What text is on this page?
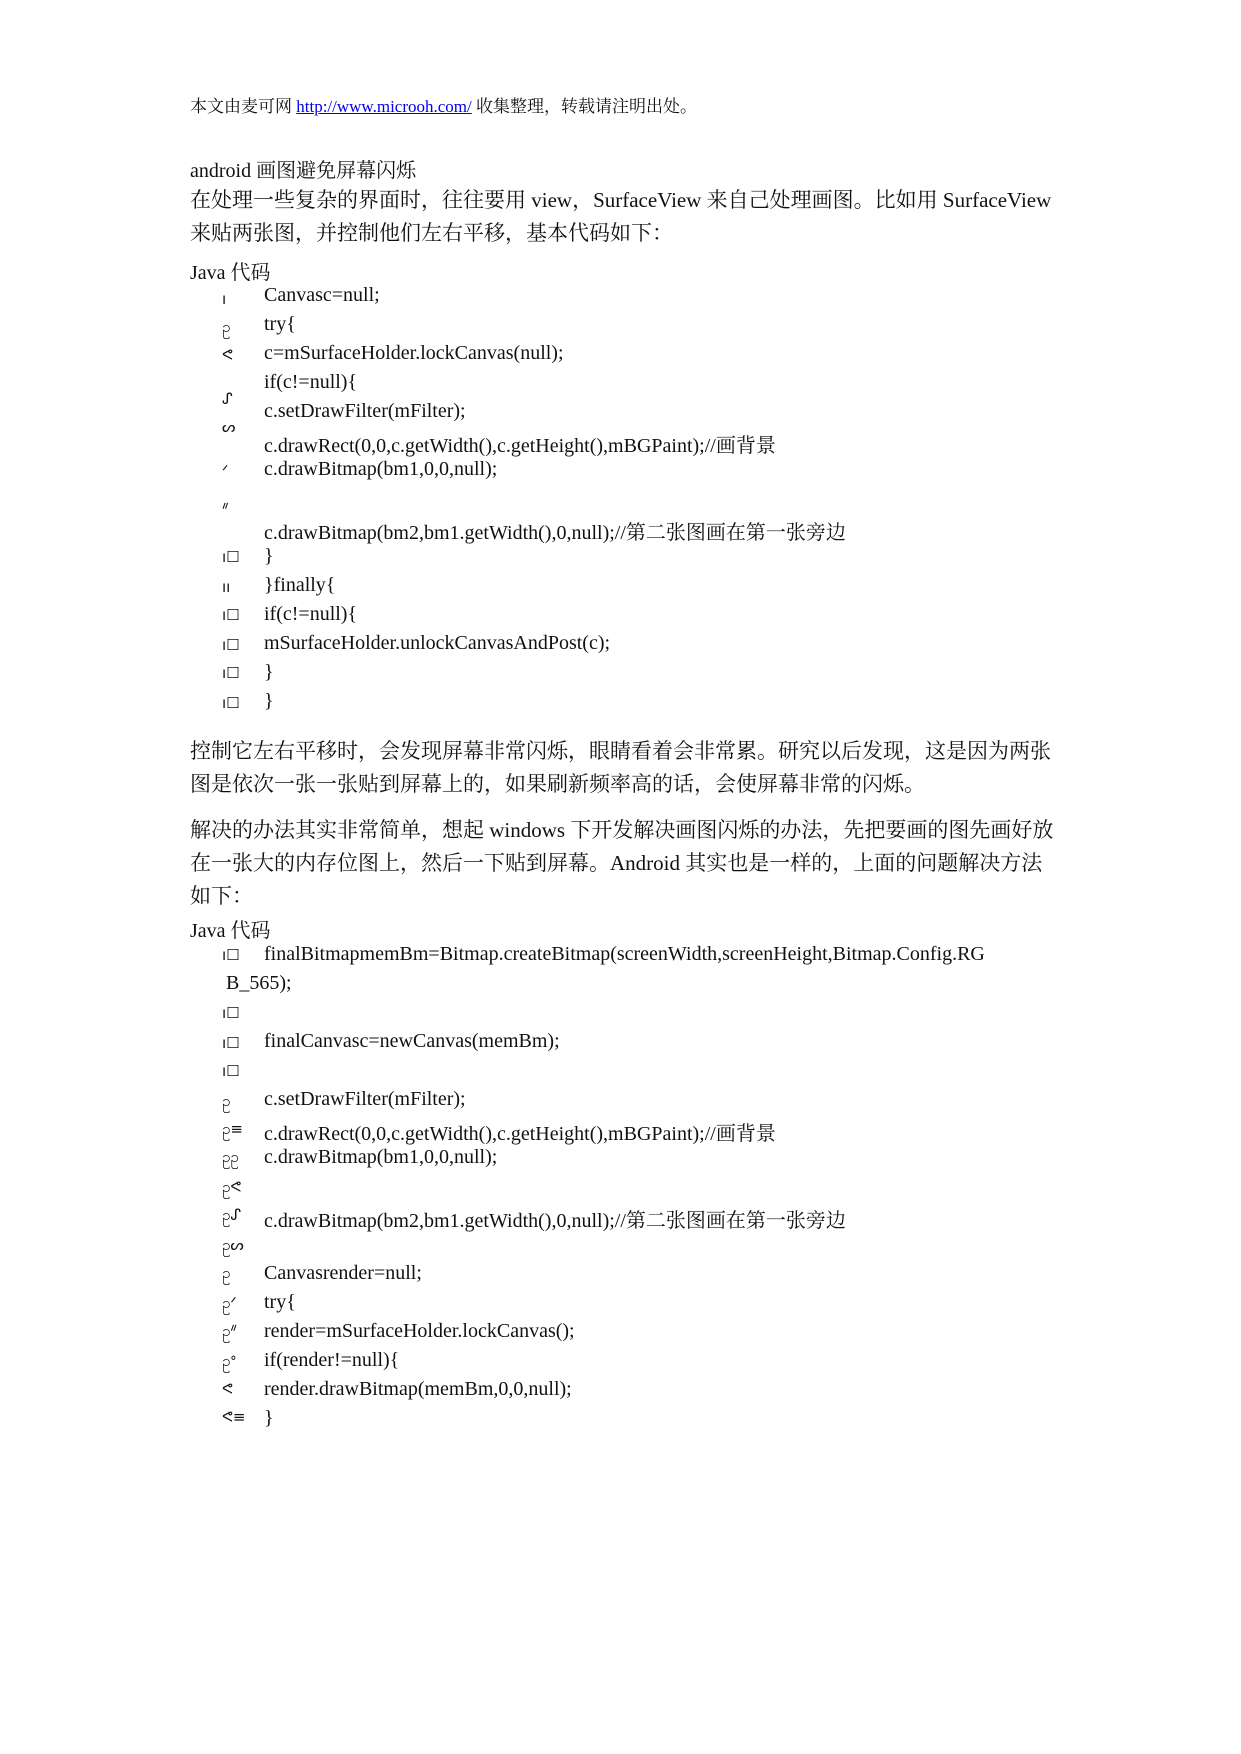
本文由麦可网 http://www.microoh.com/ 收集整理，转载请注明出处。
android 画图避免屏幕闪烁
在处理一些复杂的界面时，往往要用 view，SurfaceView 来自己处理画图。比如用 SurfaceView 来贴两张图，并控制他们左右平移，基本代码如下：
Java 代码
ı
ဥ
ᕙ
ᔑ
ᔕ
ᐟ
ᐥ
ı☐
ıı
ı☐
ı☐
ı☐
ı☐
Canvasc=null;
try{
c=mSurfaceHolder.lockCanvas(null);
if(c!=null){
c.setDrawFilter(mFilter);
c.drawRect(0,0,c.getWidth(),c.getHeight(),mBGPaint);//画背景
c.drawBitmap(bm1,0,0,null);
c.drawBitmap(bm2,bm1.getWidth(),0,null);//第二张图画在第一张旁边
}
}finally{
if(c!=null){
mSurfaceHolder.unlockCanvasAndPost(c);
}
}
控制它左右平移时，会发现屏幕非常闪烁，眼睛看着会非常累。研究以后发现，这是因为两张图是依次一张一张贴到屏幕上的，如果刷新频率高的话，会使屏幕非常的闪烁。
解决的办法其实非常简单，想起 windows 下开发解决画图闪烁的办法，先把要画的图先画好放在一张大的内存位图上，然后一下贴到屏幕。Android 其实也是一样的，上面的问题解决方法如下：
Java 代码
ı☐
ı☐
ı☐
ı☐
ဥ
ဥ≡
ဥဥ
ဥᕙ
ဥᔑ
ဥᔕ
ဥ
ဥᐟ
ဥᐥ
ဥᐤ
ᕙ
ᕙ≡
finalBitmapmemBm=Bitmap.createBitmap(screenWidth,screenHeight,Bitmap.Config.RG
B_565);
finalCanvasc=newCanvas(memBm);
c.setDrawFilter(mFilter);
c.drawRect(0,0,c.getWidth(),c.getHeight(),mBGPaint);//画背景
c.drawBitmap(bm1,0,0,null);
c.drawBitmap(bm2,bm1.getWidth(),0,null);//第二张图画在第一张旁边
Canvasrender=null;
try{
render=mSurfaceHolder.lockCanvas();
if(render!=null){
render.drawBitmap(memBm,0,0,null);
}
